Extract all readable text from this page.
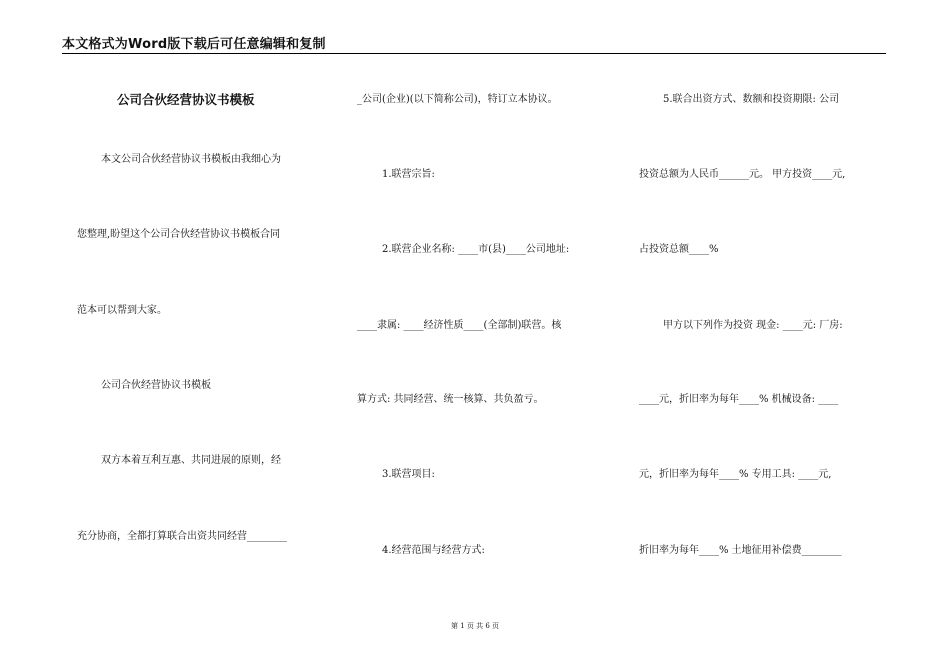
本文格式为Word版下载后可任意编辑和复制
公司合伙经营协议书模板
本文公司合伙经营协议书模板由我细心为
您整理,盼望这个公司合伙经营协议书模板合同
范本可以帮到大家。
公司合伙经营协议书模板
双方本着互利互惠、共同进展的原则，经
充分协商，全都打算联合出资共同经营________
_公司(企业)(以下简称公司)，特订立本协议。
1.联营宗旨:
2.联营企业名称: ____市(县)____公司地址:
____隶属: ____经济性质____(全部制)联营。核
算方式: 共同经营、统一核算、共负盈亏。
3.联营项目:
4.经营范围与经营方式:
5.联合出资方式、数额和投资期限: 公司
投资总额为人民币______元。 甲方投资____元,
占投资总额____%
甲方以下列作为投资 现金: ____元: 厂房:
____元，折旧率为每年____% 机械设备: ____
元，折旧率为每年____% 专用工具: ____元,
折旧率为每年____% 土地征用补偿费________
第 1 页 共 6 页
